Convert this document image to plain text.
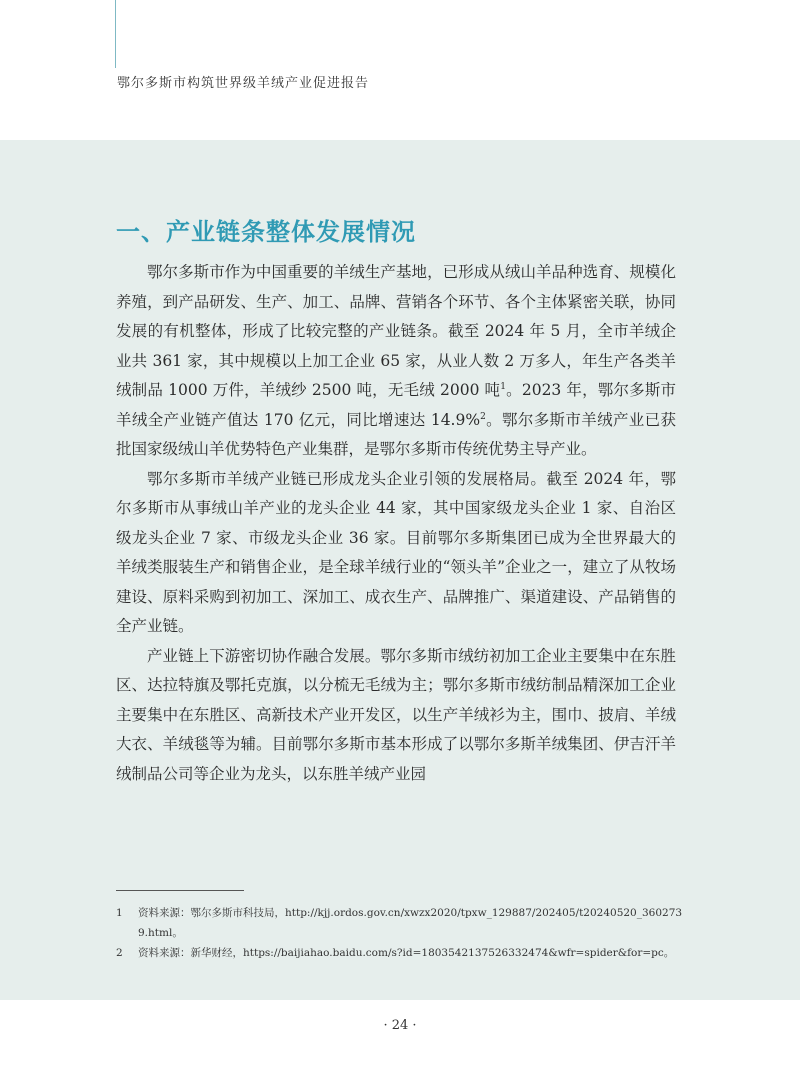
鄂尔多斯市构筑世界级羊绒产业促进报告
一、产业链条整体发展情况

鄂尔多斯市作为中国重要的羊绒生产基地，已形成从绒山羊品种选育、规模化养殖，到产品研发、生产、加工、品牌、营销各个环节、各个主体紧密关联，协同发展的有机整体，形成了比较完整的产业链条。截至 2024 年 5 月，全市羊绒企业共 361 家，其中规模以上加工企业 65 家，从业人数 2 万多人，年生产各类羊绒制品 1000 万件，羊绒纱 2500 吨，无毛绒 2000 吨$^1$。2023 年，鄂尔多斯市羊绒全产业链产值达 170 亿元，同比增速达 14.9%$^2$。鄂尔多斯市羊绒产业已获批国家级绒山羊优势特色产业集群，是鄂尔多斯市传统优势主导产业。

鄂尔多斯市羊绒产业链已形成龙头企业引领的发展格局。截至 2024 年，鄂尔多斯市从事绒山羊产业的龙头企业 44 家，其中国家级龙头企业 1 家、自治区级龙头企业 7 家、市级龙头企业 36 家。目前鄂尔多斯集团已成为全世界最大的羊绒类服装生产和销售企业，是全球羊绒行业的“领头羊”企业之一，建立了从牧场建设、原料采购到初加工、深加工、成衣生产、品牌推广、渠道建设、产品销售的全产业链。

产业链上下游密切协作融合发展。鄂尔多斯市绒纺初加工企业主要集中在东胜区、达拉特旗及鄂托克旗，以分梳无毛绒为主；鄂尔多斯市绒纺制品精深加工企业主要集中在东胜区、高新技术产业开发区，以生产羊绒衫为主，围巾、披肩、羊绒大衣、羊绒毯等为辅。目前鄂尔多斯市基本形成了以鄂尔多斯羊绒集团、伊吉汗羊绒制品公司等企业为龙头，以东胜羊绒产业园

1	资料来源：鄂尔多斯市科技局，http://kjj.ordos.gov.cn/xwzx2020/tpxw_129887/202405/t20240520_3602739.html。
2	资料来源：新华财经，https://baijiahao.baidu.com/s?id=1803542137526332474&wfr=spider&for=pc。
· 24 ·
